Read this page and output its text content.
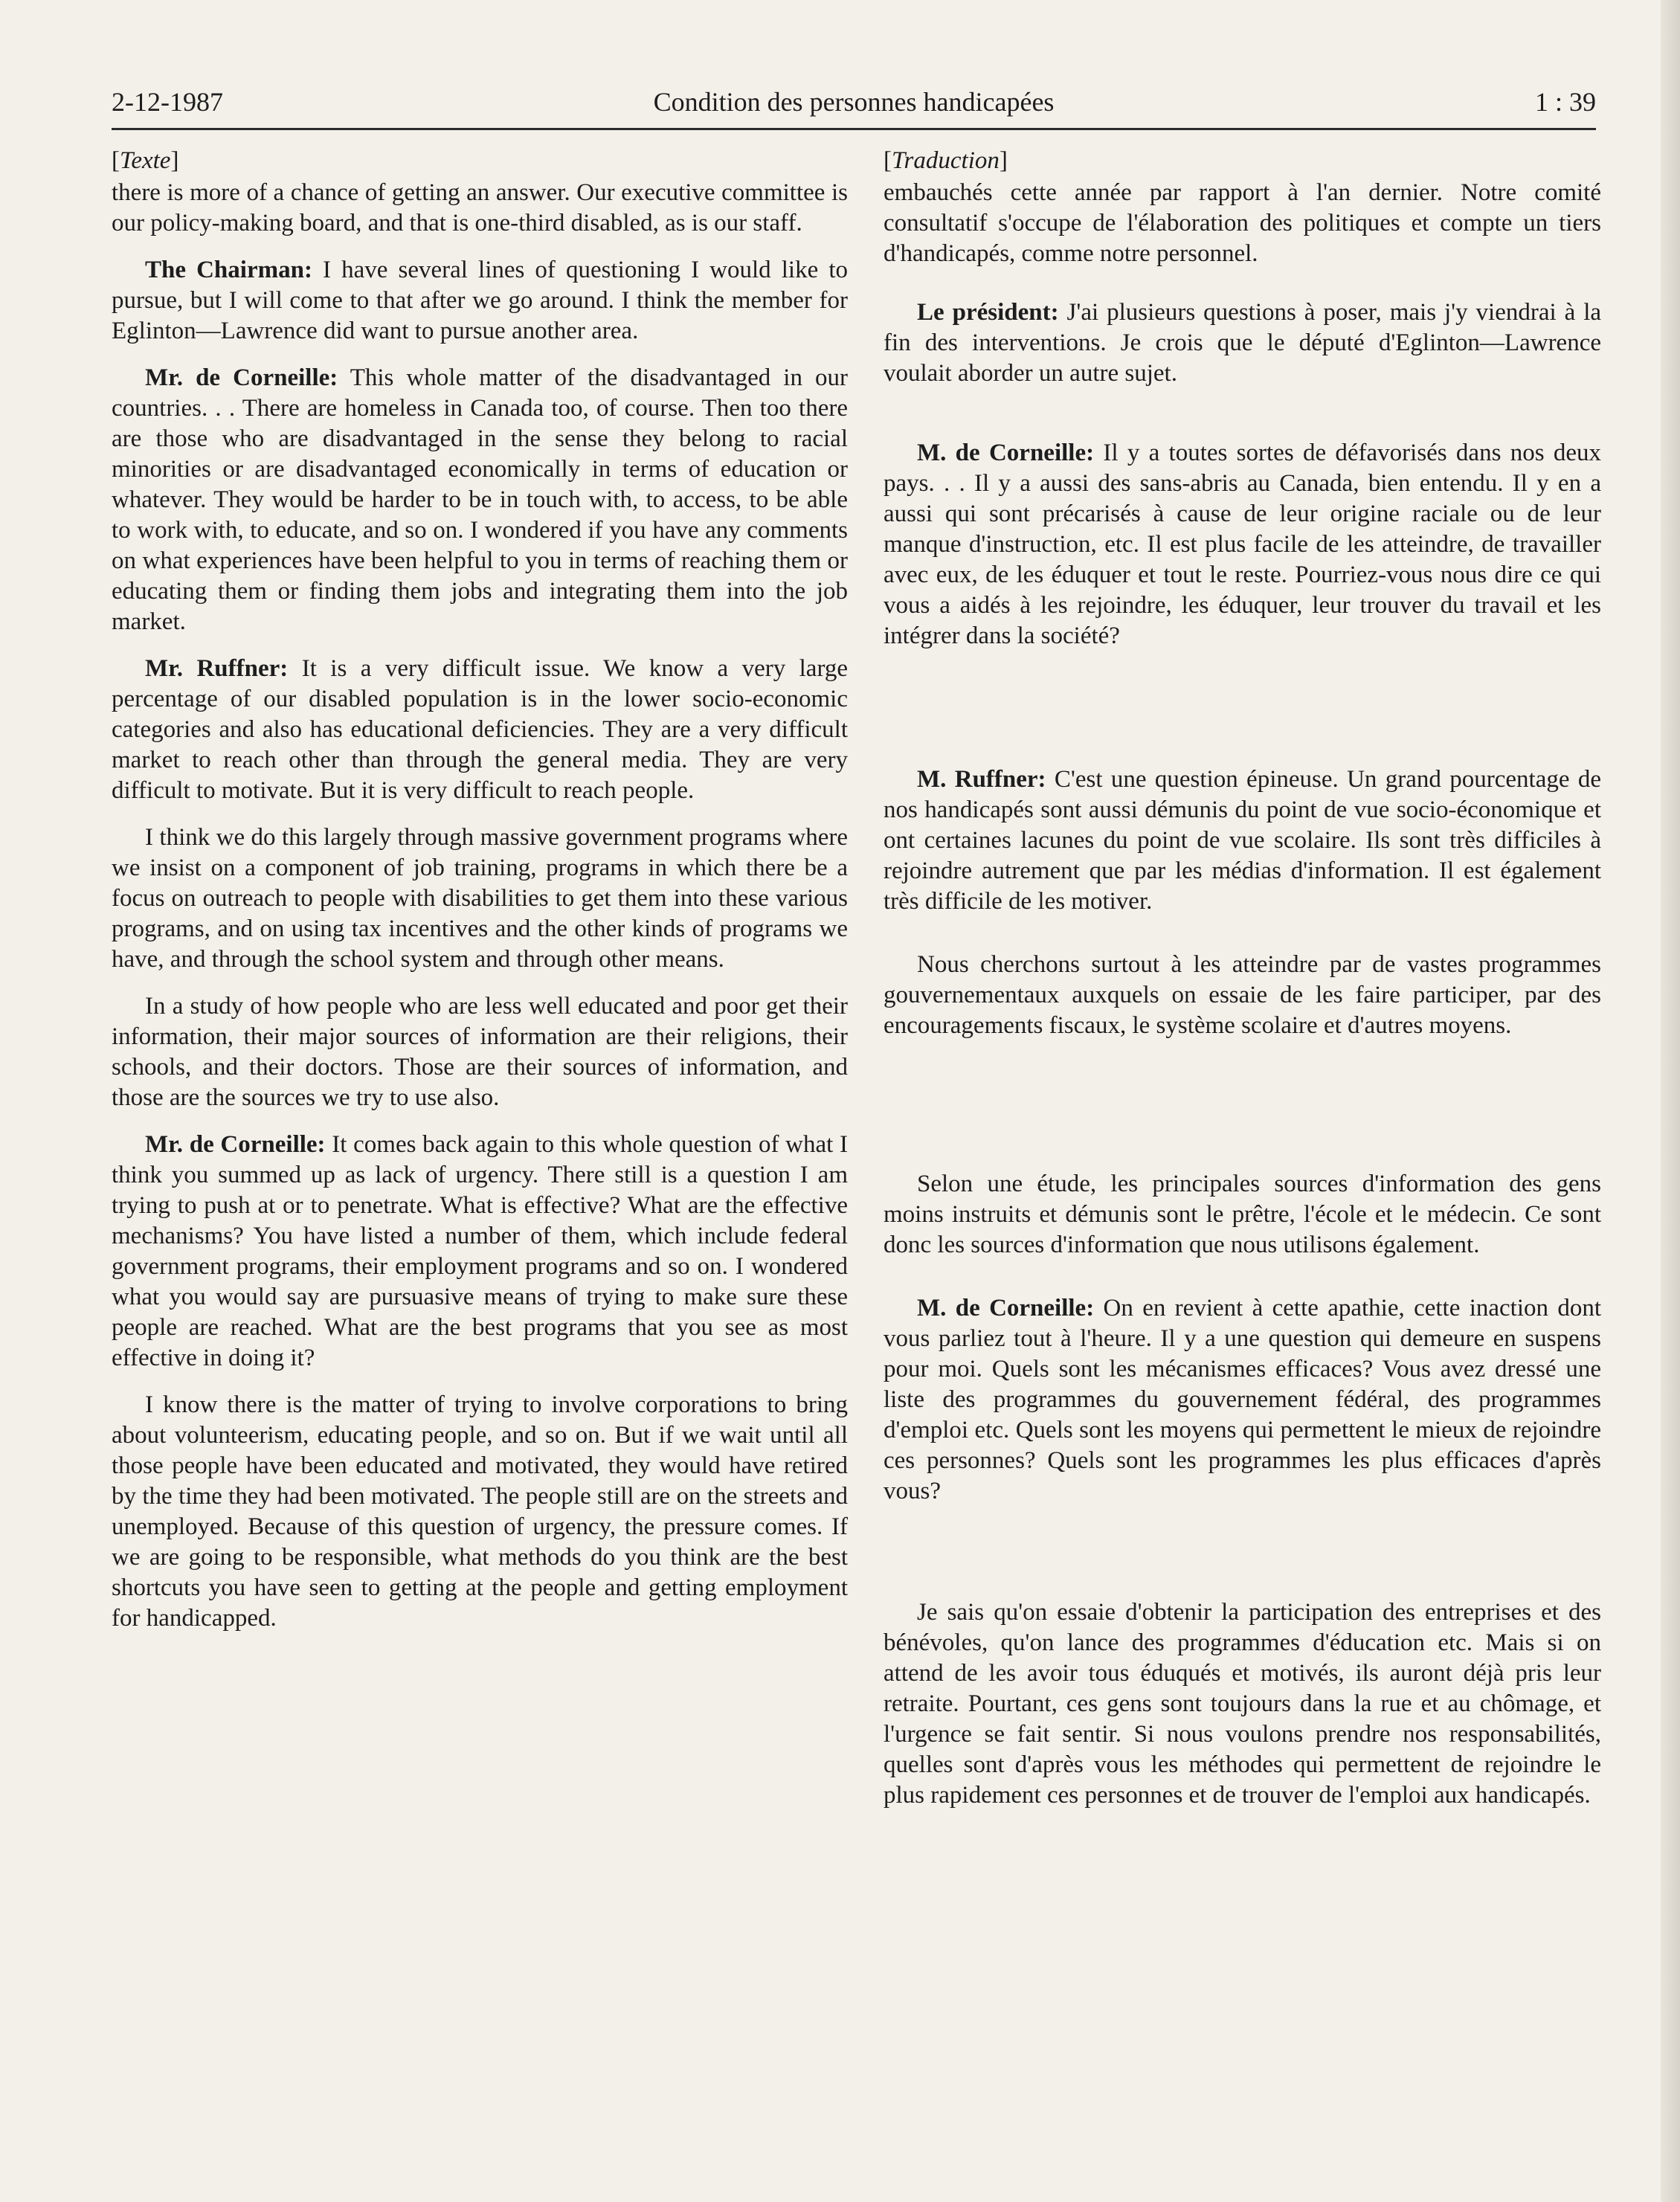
2-12-1987	Condition des personnes handicapées	1 : 39
[Texte]

there is more of a chance of getting an answer. Our executive committee is our policy-making board, and that is one-third disabled, as is our staff.

The Chairman: I have several lines of questioning I would like to pursue, but I will come to that after we go around. I think the member for Eglinton—Lawrence did want to pursue another area.

Mr. de Corneille: This whole matter of the disadvantaged in our countries. . . There are homeless in Canada too, of course. Then too there are those who are disadvantaged in the sense they belong to racial minorities or are disadvantaged economically in terms of education or whatever. They would be harder to be in touch with, to access, to be able to work with, to educate, and so on. I wondered if you have any comments on what experiences have been helpful to you in terms of reaching them or educating them or finding them jobs and integrating them into the job market.

Mr. Ruffner: It is a very difficult issue. We know a very large percentage of our disabled population is in the lower socio-economic categories and also has educational deficiencies. They are a very difficult market to reach other than through the general media. They are very difficult to motivate. But it is very difficult to reach people.

I think we do this largely through massive government programs where we insist on a component of job training, programs in which there be a focus on outreach to people with disabilities to get them into these various programs, and on using tax incentives and the other kinds of programs we have, and through the school system and through other means.

In a study of how people who are less well educated and poor get their information, their major sources of information are their religions, their schools, and their doctors. Those are their sources of information, and those are the sources we try to use also.

Mr. de Corneille: It comes back again to this whole question of what I think you summed up as lack of urgency. There still is a question I am trying to push at or to penetrate. What is effective? What are the effective mechanisms? You have listed a number of them, which include federal government programs, their employment programs and so on. I wondered what you would say are pursuasive means of trying to make sure these people are reached. What are the best programs that you see as most effective in doing it?

I know there is the matter of trying to involve corporations to bring about volunteerism, educating people, and so on. But if we wait until all those people have been educated and motivated, they would have retired by the time they had been motivated. The people still are on the streets and unemployed. Because of this question of urgency, the pressure comes. If we are going to be responsible, what methods do you think are the best shortcuts you have seen to getting at the people and getting employment for handicapped.

[Traduction]

embauchés cette année par rapport à l'an dernier. Notre comité consultatif s'occupe de l'élaboration des politiques et compte un tiers d'handicapés, comme notre personnel.

Le président: J'ai plusieurs questions à poser, mais j'y viendrai à la fin des interventions. Je crois que le député d'Eglinton—Lawrence voulait aborder un autre sujet.

M. de Corneille: Il y a toutes sortes de défavorisés dans nos deux pays. . . Il y a aussi des sans-abris au Canada, bien entendu. Il y en a aussi qui sont précarisés à cause de leur origine raciale ou de leur manque d'instruction, etc. Il est plus facile de les atteindre, de travailler avec eux, de les éduquer et tout le reste. Pourriez-vous nous dire ce qui vous a aidés à les rejoindre, les éduquer, leur trouver du travail et les intégrer dans la société?

M. Ruffner: C'est une question épineuse. Un grand pourcentage de nos handicapés sont aussi démunis du point de vue socio-économique et ont certaines lacunes du point de vue scolaire. Ils sont très difficiles à rejoindre autrement que par les médias d'information. Il est également très difficile de les motiver.

Nous cherchons surtout à les atteindre par de vastes programmes gouvernementaux auxquels on essaie de les faire participer, par des encouragements fiscaux, le système scolaire et d'autres moyens.

Selon une étude, les principales sources d'information des gens moins instruits et démunis sont le prêtre, l'école et le médecin. Ce sont donc les sources d'information que nous utilisons également.

M. de Corneille: On en revient à cette apathie, cette inaction dont vous parliez tout à l'heure. Il y a une question qui demeure en suspens pour moi. Quels sont les mécanismes efficaces? Vous avez dressé une liste des programmes du gouvernement fédéral, des programmes d'emploi etc. Quels sont les moyens qui permettent le mieux de rejoindre ces personnes? Quels sont les programmes les plus efficaces d'après vous?

Je sais qu'on essaie d'obtenir la participation des entreprises et des bénévoles, qu'on lance des programmes d'éducation etc. Mais si on attend de les avoir tous éduqués et motivés, ils auront déjà pris leur retraite. Pourtant, ces gens sont toujours dans la rue et au chômage, et l'urgence se fait sentir. Si nous voulons prendre nos responsabilités, quelles sont d'après vous les méthodes qui permettent de rejoindre le plus rapidement ces personnes et de trouver de l'emploi aux handicapés.
